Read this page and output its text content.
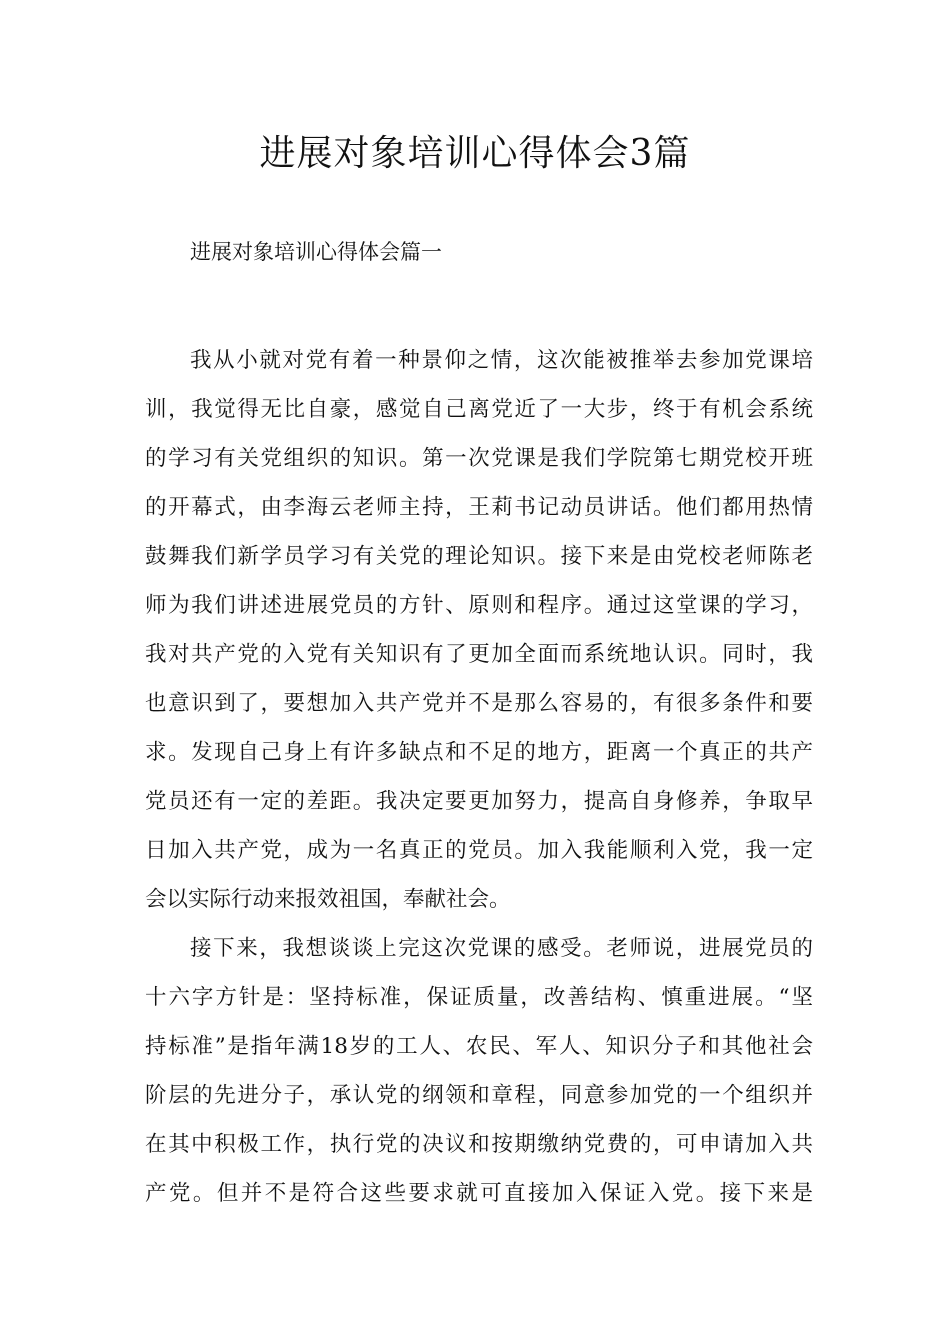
进展对象培训心得体会3篇

进展对象培训心得体会篇一

我从小就对党有着一种景仰之情，这次能被推举去参加党课培
训，我觉得无比自豪，感觉自己离党近了一大步，终于有机会系统
的学习有关党组织的知识。第一次党课是我们学院第七期党校开班
的开幕式，由李海云老师主持，王莉书记动员讲话。他们都用热情
鼓舞我们新学员学习有关党的理论知识。接下来是由党校老师陈老
师为我们讲述进展党员的方针、原则和程序。通过这堂课的学习，
我对共产党的入党有关知识有了更加全面而系统地认识。同时，我
也意识到了，要想加入共产党并不是那么容易的，有很多条件和要
求。发现自己身上有许多缺点和不足的地方，距离一个真正的共产
党员还有一定的差距。我决定要更加努力，提高自身修养，争取早
日加入共产党，成为一名真正的党员。加入我能顺利入党，我一定
会以实际行动来报效祖国，奉献社会。
接下来，我想谈谈上完这次党课的感受。老师说，进展党员的
十六字方针是：坚持标准，保证质量，改善结构、慎重进展。“坚
持标准”是指年满18岁的工人、农民、军人、知识分子和其他社会
阶层的先进分子，承认党的纲领和章程，同意参加党的一个组织并
在其中积极工作，执行党的决议和按期缴纳党费的，可申请加入共
产党。但并不是符合这些要求就可直接加入保证入党。接下来是
